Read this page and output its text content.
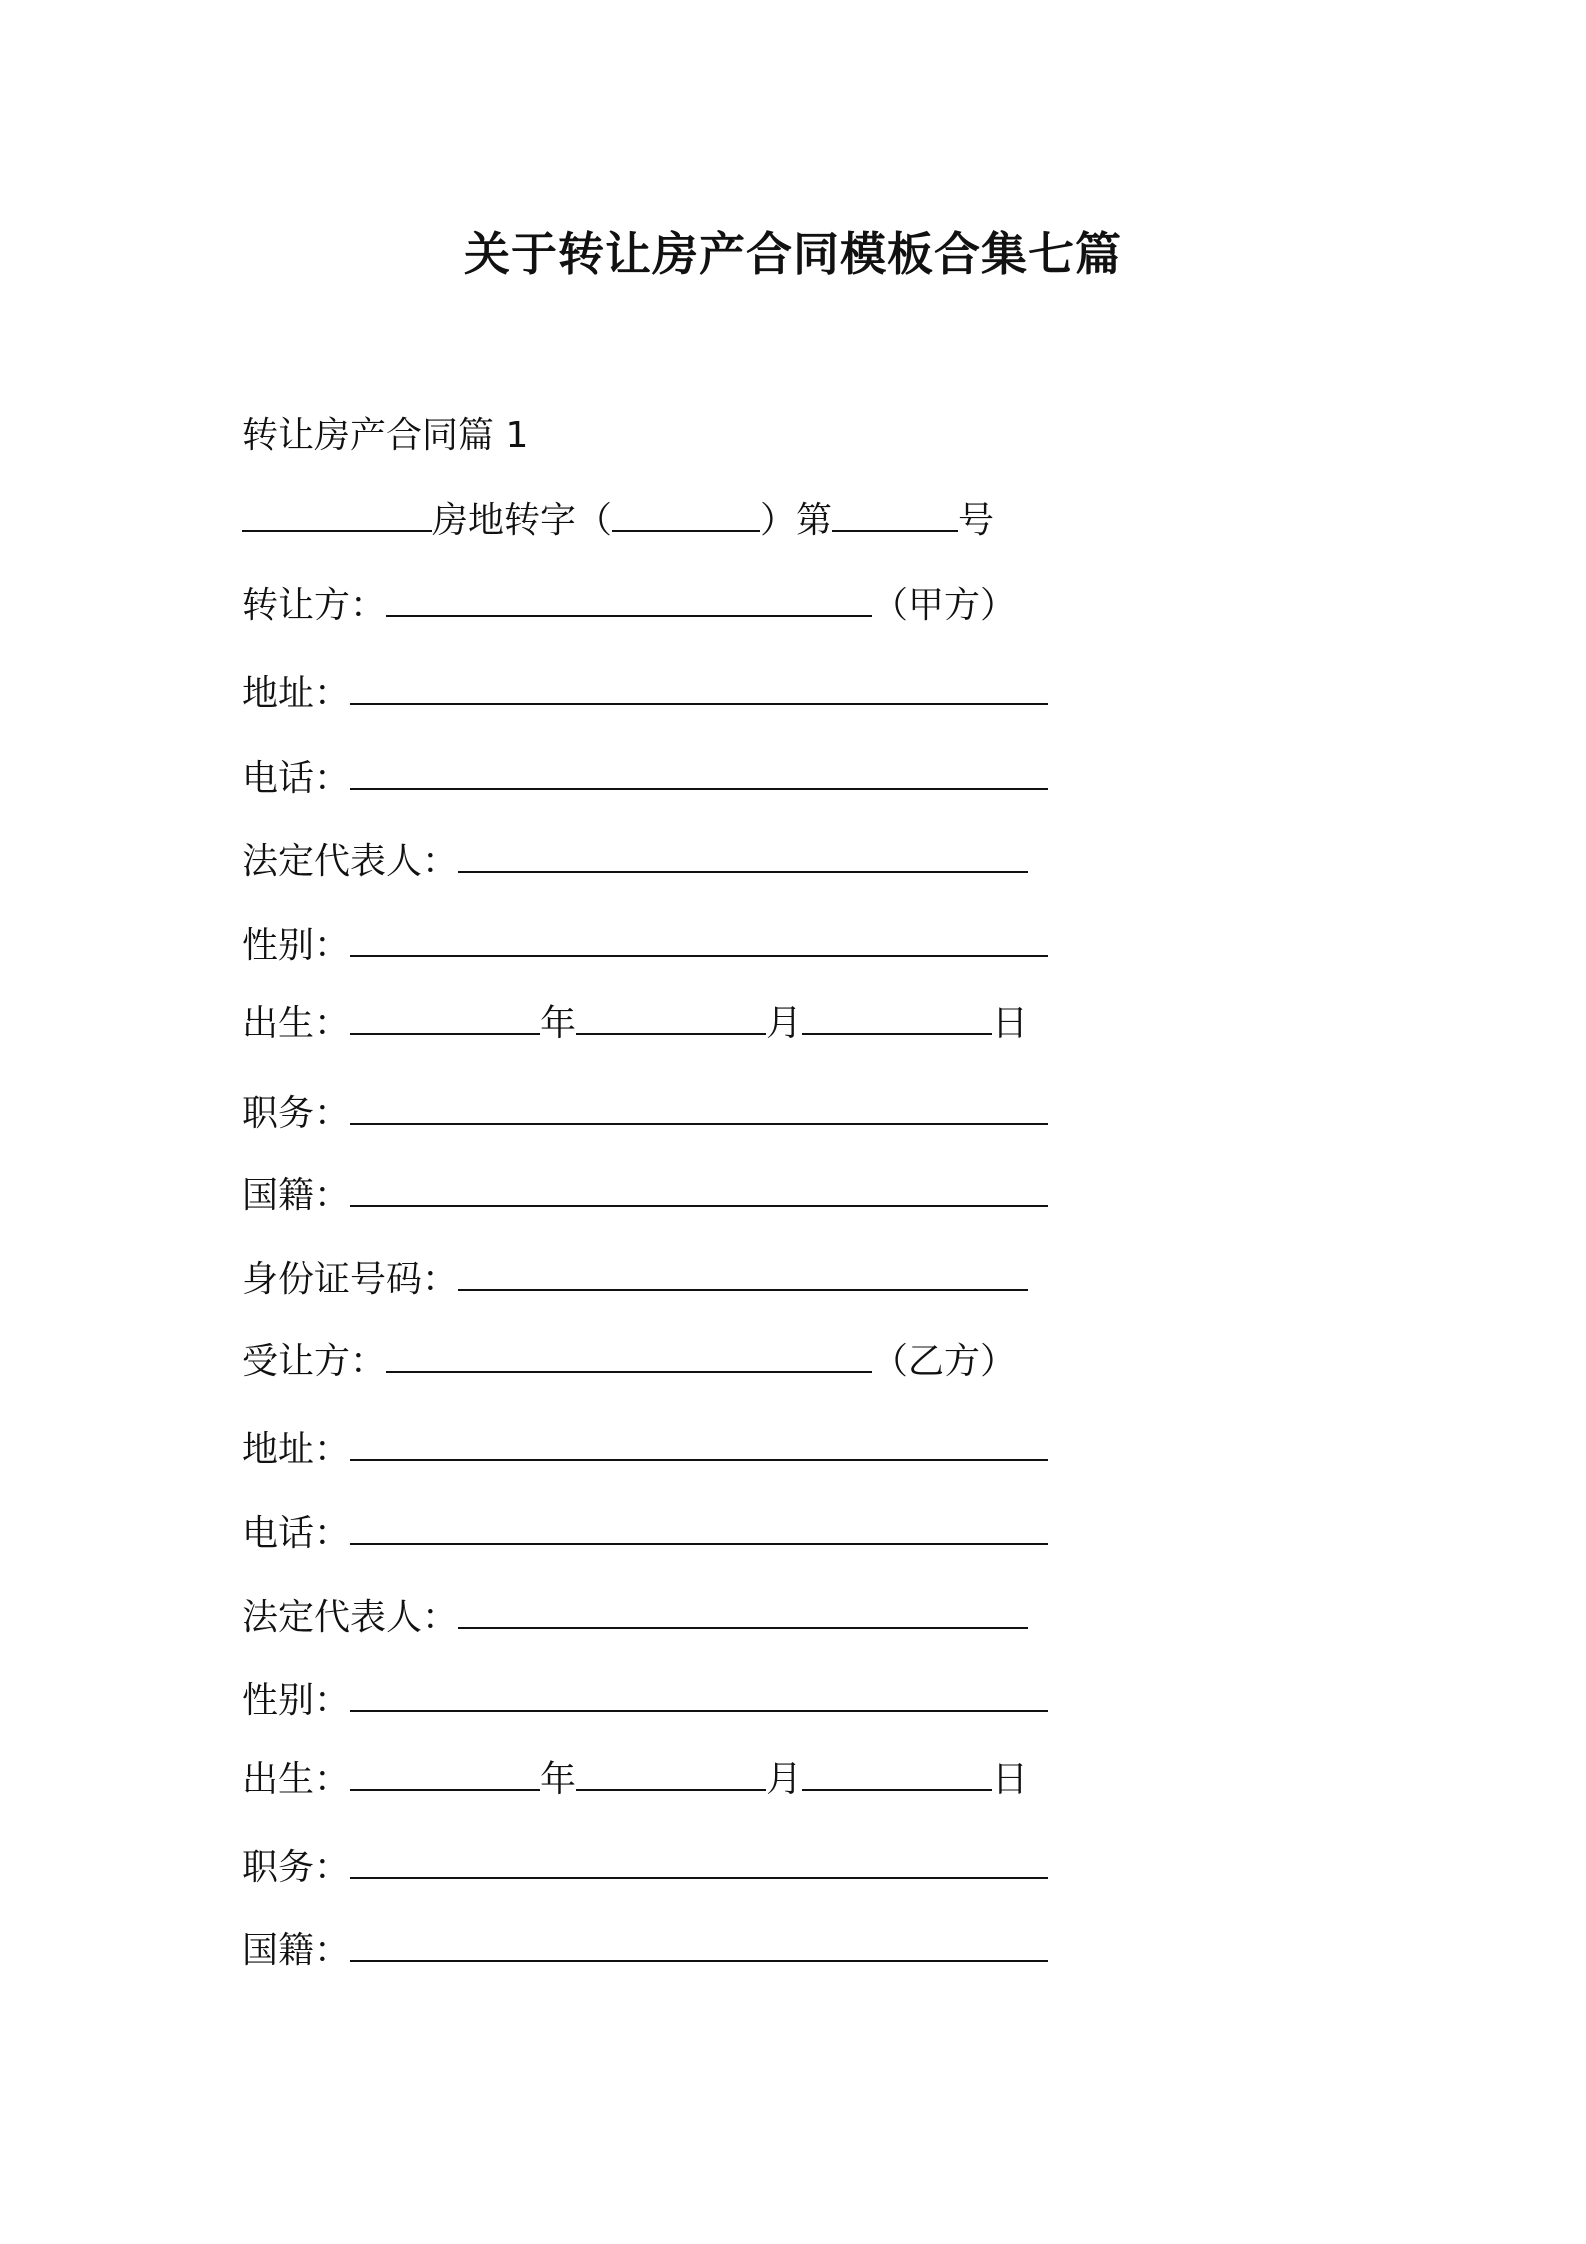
关于转让房产合同模板合集七篇
转让房产合同篇 1
房地转字（	）第	号
转让方：	（甲方）
地址：
电话：
法定代表人：
性别：
出生：	年	月	日
职务：
国籍：
身份证号码：
受让方：	（乙方）
地址：
电话：
法定代表人：
性别：
出生：	年	月	日
职务：
国籍：
